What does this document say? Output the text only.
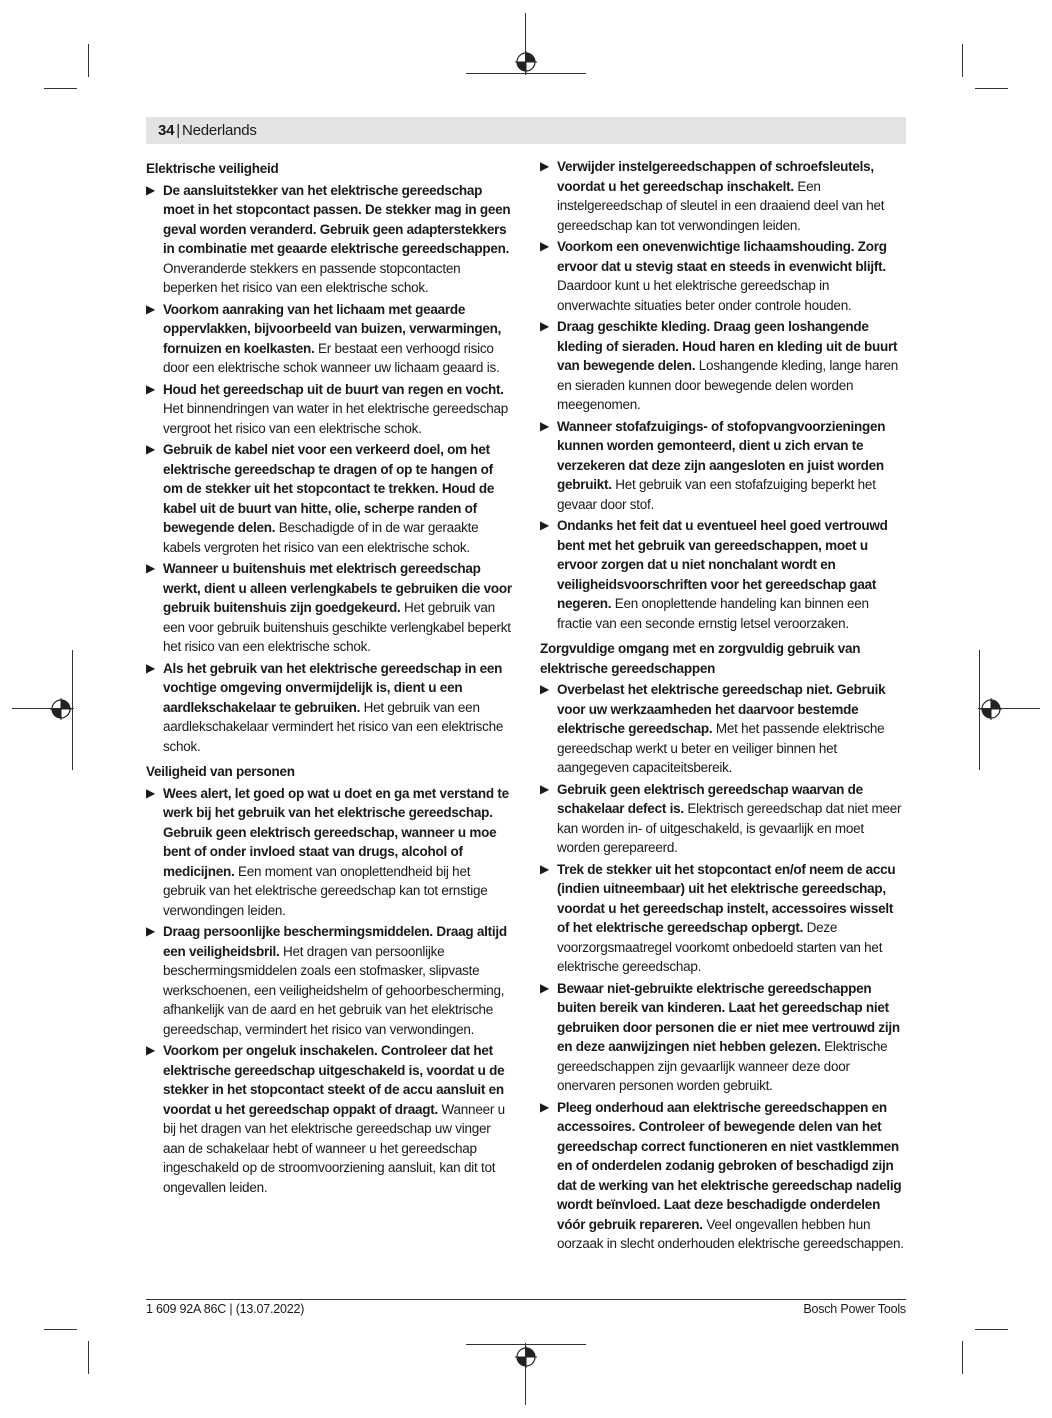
34 | Nederlands
Elektrische veiligheid
▶ De aansluitstekker van het elektrische gereedschap moet in het stopcontact passen. De stekker mag in geen geval worden veranderd. Gebruik geen adapterstekkers in combinatie met geaarde elektrische gereedschappen. Onveranderde stekkers en passende stopcontacten beperken het risico van een elektrische schok.
▶ Voorkom aanraking van het lichaam met geaarde oppervlakken, bijvoorbeeld van buizen, verwarmingen, fornuizen en koelkasten. Er bestaat een verhoogd risico door een elektrische schok wanneer uw lichaam geaard is.
▶ Houd het gereedschap uit de buurt van regen en vocht. Het binnendringen van water in het elektrische gereedschap vergroot het risico van een elektrische schok.
▶ Gebruik de kabel niet voor een verkeerd doel, om het elektrische gereedschap te dragen of op te hangen of om de stekker uit het stopcontact te trekken. Houd de kabel uit de buurt van hitte, olie, scherpe randen of bewegende delen. Beschadigde of in de war geraakte kabels vergroten het risico van een elektrische schok.
▶ Wanneer u buitenshuis met elektrisch gereedschap werkt, dient u alleen verlengkabels te gebruiken die voor gebruik buitenshuis zijn goedgekeurd. Het gebruik van een voor gebruik buitenshuis geschikte verlengkabel beperkt het risico van een elektrische schok.
▶ Als het gebruik van het elektrische gereedschap in een vochtige omgeving onvermijdelijk is, dient u een aardlekschakelaar te gebruiken. Het gebruik van een aardlekschakelaar vermindert het risico van een elektrische schok.
Veiligheid van personen
▶ Wees alert, let goed op wat u doet en ga met verstand te werk bij het gebruik van het elektrische gereedschap. Gebruik geen elektrisch gereedschap, wanneer u moe bent of onder invloed staat van drugs, alcohol of medicijnen. Een moment van onoplettendheid bij het gebruik van het elektrische gereedschap kan tot ernstige verwondingen leiden.
▶ Draag persoonlijke beschermingsmiddelen. Draag altijd een veiligheidsbril. Het dragen van persoonlijke beschermingsmiddelen zoals een stofmasker, slipvaste werkschoenen, een veiligheidshelm of gehoorbescherming, afhankelijk van de aard en het gebruik van het elektrische gereedschap, vermindert het risico van verwondingen.
▶ Voorkom per ongeluk inschakelen. Controleer dat het elektrische gereedschap uitgeschakeld is, voordat u de stekker in het stopcontact steekt of de accu aansluit en voordat u het gereedschap oppakt of draagt. Wanneer u bij het dragen van het elektrische gereedschap uw vinger aan de schakelaar hebt of wanneer u het gereedschap ingeschakeld op de stroomvoorziening aansluit, kan dit tot ongevallen leiden.
▶ Verwijder instelgereedschappen of schroefsleutels, voordat u het gereedschap inschakelt. Een instelgereedschap of sleutel in een draaiend deel van het gereedschap kan tot verwondingen leiden.
▶ Voorkom een onevenwichtige lichaamshouding. Zorg ervoor dat u stevig staat en steeds in evenwicht blijft. Daardoor kunt u het elektrische gereedschap in onverwachte situaties beter onder controle houden.
▶ Draag geschikte kleding. Draag geen loshangende kleding of sieraden. Houd haren en kleding uit de buurt van bewegende delen. Loshangende kleding, lange haren en sieraden kunnen door bewegende delen worden meegenomen.
▶ Wanneer stofafzuigings- of stofopvangvoorzieningen kunnen worden gemonteerd, dient u zich ervan te verzekeren dat deze zijn aangesloten en juist worden gebruikt. Het gebruik van een stofafzuiging beperkt het gevaar door stof.
▶ Ondanks het feit dat u eventueel heel goed vertrouwd bent met het gebruik van gereedschappen, moet u ervoor zorgen dat u niet nonchalant wordt en veiligheidsvoorschriften voor het gereedschap gaat negeren. Een onoplettende handeling kan binnen een fractie van een seconde ernstig letsel veroorzaken.
Zorgvuldige omgang met en zorgvuldig gebruik van elektrische gereedschappen
▶ Overbelast het elektrische gereedschap niet. Gebruik voor uw werkzaamheden het daarvoor bestemde elektrische gereedschap. Met het passende elektrische gereedschap werkt u beter en veiliger binnen het aangegeven capaciteitsbereik.
▶ Gebruik geen elektrisch gereedschap waarvan de schakelaar defect is. Elektrisch gereedschap dat niet meer kan worden in- of uitgeschakeld, is gevaarlijk en moet worden gerepareerd.
▶ Trek de stekker uit het stopcontact en/of neem de accu (indien uitneembaar) uit het elektrische gereedschap, voordat u het gereedschap instelt, accessoires wisselt of het elektrische gereedschap opbergt. Deze voorzorgsmaatregel voorkomt onbedoeld starten van het elektrische gereedschap.
▶ Bewaar niet-gebruikte elektrische gereedschappen buiten bereik van kinderen. Laat het gereedschap niet gebruiken door personen die er niet mee vertrouwd zijn en deze aanwijzingen niet hebben gelezen. Elektrische gereedschappen zijn gevaarlijk wanneer deze door onervaren personen worden gebruikt.
▶ Pleeg onderhoud aan elektrische gereedschappen en accessoires. Controleer of bewegende delen van het gereedschap correct functioneren en niet vastklemmen en of onderdelen zodanig gebroken of beschadigd zijn dat de werking van het elektrische gereedschap nadelig wordt beïnvloed. Laat deze beschadigde onderdelen vóór gebruik repareren. Veel ongevallen hebben hun oorzaak in slecht onderhouden elektrische gereedschappen.
1 609 92A 86C | (13.07.2022)	Bosch Power Tools
